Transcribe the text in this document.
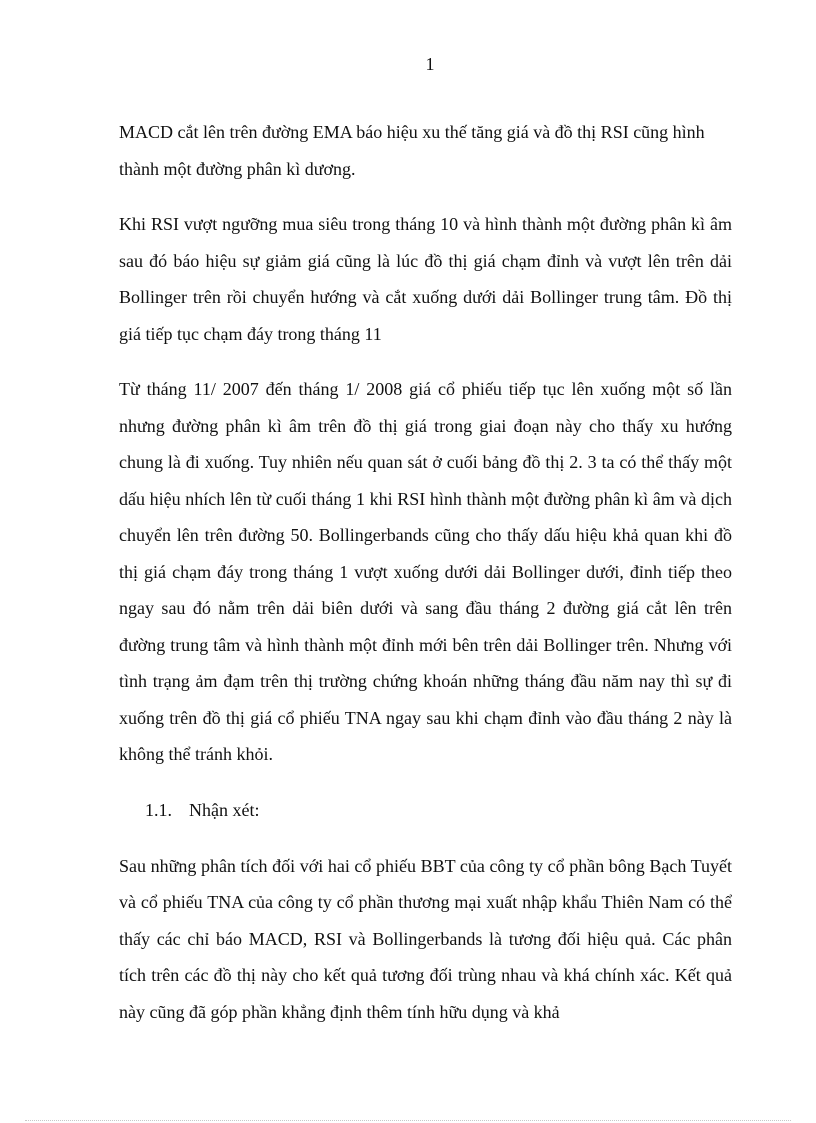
1

MACD cắt lên trên đường EMA báo hiệu xu thế tăng giá và đồ thị RSI cũng hình thành một đường phân kì dương.

Khi RSI vượt ngưỡng mua siêu trong tháng 10 và hình thành một đường phân kì âm sau đó báo hiệu sự giảm giá cũng là lúc đồ thị giá chạm đỉnh và vượt lên trên dải Bollinger trên rồi chuyển hướng và cắt xuống dưới dải Bollinger trung tâm. Đồ thị giá tiếp tục chạm đáy trong tháng 11

Từ tháng 11/ 2007 đến tháng 1/ 2008 giá cổ phiếu tiếp tục lên xuống một số lần nhưng đường phân kì âm trên đồ thị giá trong giai đoạn này cho thấy xu hướng chung là đi xuống. Tuy nhiên nếu quan sát ở cuối bảng đồ thị 2. 3 ta có thể thấy một dấu hiệu nhích lên từ cuối tháng 1 khi RSI hình thành một đường phân kì âm và dịch chuyển lên trên đường 50. Bollingerbands cũng cho thấy dấu hiệu khả quan khi đồ thị giá chạm đáy trong tháng 1 vượt xuống dưới dải Bollinger dưới, đỉnh tiếp theo ngay sau đó nằm trên dải biên dưới và sang đầu tháng 2 đường giá cắt lên trên đường trung tâm và hình thành một đỉnh mới bên trên dải Bollinger trên. Nhưng với tình trạng ảm đạm trên thị trường chứng khoán những tháng đầu năm nay thì sự đi xuống trên đồ thị giá cổ phiếu TNA ngay sau khi chạm đỉnh vào đầu tháng 2 này là không thể tránh khỏi.

1.1. Nhận xét:

Sau những phân tích đối với hai cổ phiếu BBT của công ty cổ phần bông Bạch Tuyết và cổ phiếu TNA của công ty cổ phần thương mại xuất nhập khẩu Thiên Nam có thể thấy các chỉ báo MACD, RSI và Bollingerbands là tương đối hiệu quả. Các phân tích trên các đồ thị này cho kết quả tương đối trùng nhau và khá chính xác. Kết quả này cũng đã góp phần khẳng định thêm tính hữu dụng và khả
